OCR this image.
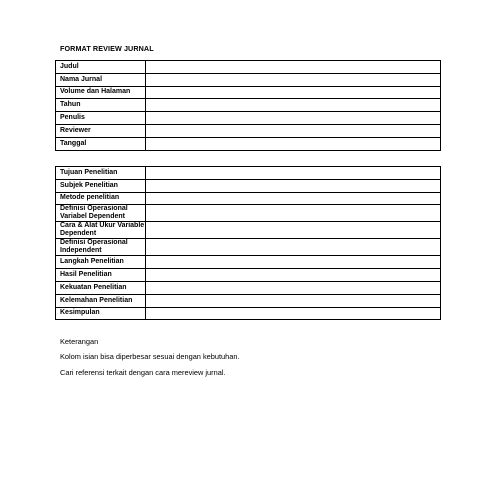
FORMAT REVIEW JURNAL
Judul	
Nama Jurnal	
Volume dan Halaman	
Tahun	
Penulis	
Reviewer	
Tanggal	
Tujuan Penelitian	
Subjek Penelitian	
Metode penelitian	
Definisi Operasional Variabel Dependent	
Cara & Alat Ukur Variable Dependent	
Definisi Operasional Independent	
Langkah Penelitian	
Hasil Penelitian	
Kekuatan Penelitian	
Kelemahan Penelitian	
Kesimpulan	
Keterangan
Kolom isian bisa diperbesar sesuai dengan kebutuhan.
Cari referensi terkait dengan cara mereview jurnal.
